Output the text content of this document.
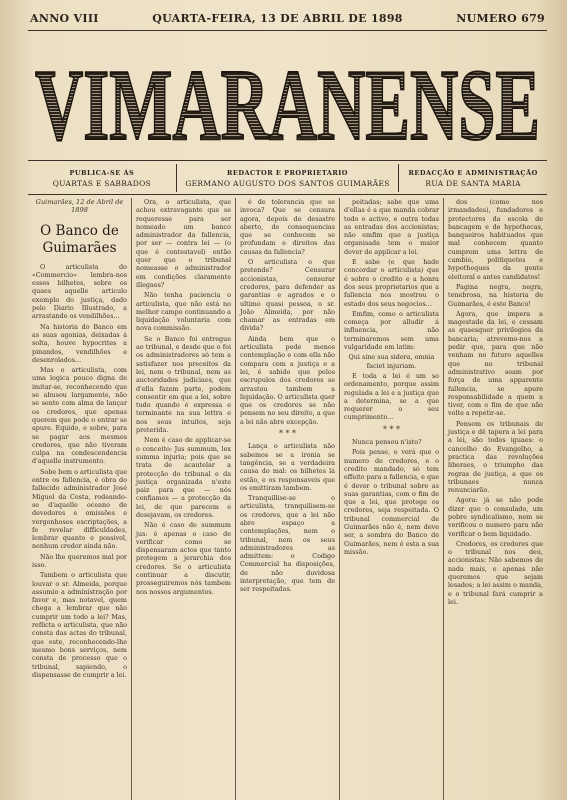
ANNO VIII	QUARTA-FEIRA, 13 DE ABRIL DE 1898	NUMERO 679
VIMARANENSE
PUBLICA-SE ÁS
QUARTAS E SABBADOS
REDACTOR E PROPRIETARIO
GERMANO AUGUSTO DOS SANTOS GUIMARÃES
REDACÇÃO E ADMINISTRAÇÃO
RUA DE SANTA MARIA
Guimarães, 12 de Abril de 1898
O Banco de
Guimarães

O articulista do «Commercio» lembra-nos esses bilhetes, sobre os quaes aquelle articulo exemplo do justiça, dado pelo Diario Illustrado, a arrastando os vendilhões...

Na historia do Banco em as suas agonias, deixadas á solta, houve hypocrites a pinandos, vendilhões e desenrolados...

Mas o articulista, com uma logica pouco digna de imitar-se, reconhecendo que se abusou largamente, não se sente com alma de lançar os credores, que apenas querem que pode o entrar se apure. Equido, e sobre, para se pagar aos mesmos credores, que não tiveram culpa na condescendencia d'aquelle instrumento.

Sobe bem o articulista que entre os fallencia, é obra do fallecido administrador José Miguel da Costa, rodeando-se d'aquelle oceano de devedores e omissões e vergonhosos escriptações, a fe revelar difficuldades, lembrar quanto e possivel, nenhum credor ainda não.

Não lhe queremos mal por isso.

Tambem o articulista que louvar o sr. Almeida, porque assumio a administração por favor e, mas notavel, quem chega a lembrar que não cumprir um todo a lei? Mas, reflicta o articulista, que não consta das actas do tribunal, que este, reconhecendo-lhe mesmo bons serviços, nem consta de processo que o tribunal, sapiendo, o dispensasse de cumprir a lei.

Ora, o articulista, que achou extravagante que se requeresse para ser nomeado um banco administrador da fallencia, por ser — contra lei — (o que é contestavel) então quer que o tribunal nomeasse o administrador em condições claramente illegaes?

Não tenha paciencia o articulista, que não está no melhor campo continuando a liquidação voluntaria com nova commissão.

Se o Banco foi entregue ao tribunal, e desde que o foi os administradores só tem a satisfazer nos preceitos da lei, nem o tribunal, nem as auctoridades judiciaes, que d'ella fazem parte, podem consentir em que a lei, sobre tudo quando é expressa e terminante na sua lettra e nos seus intuitos, seja preterida.

Nem é caso de applicar-se o conceito: Jus summum, lex summa injuria; pois que se trata de acautelar a protecção do tribunal e da justiça organizada n'este paiz para que — nós confiamos — a protecção da lei, de que parecem e desejavam, os credores.

Não é caso de summum jus: é apenas o caso de verificar como se dispensaram actos que tanto protegem a jerarchia dos credores. Se o articulista continuar a discutir, prosseguiremos nós tambem nos nossos argumentos.

é de tolerancia que se invoca? Que se censura agora, depois do desastre aberto, de consequencias que se conhecem se profundam e direitos das causas da fallencia?

O articulista o que pretende? Censurar accionistas, censurar credores, para defender as garantias e agrados e o ultimo quasi pessoa, o sr. João Almeida, por não chamar as entradas em divida?

Ainda bem que o articulista pede menos contemplação e com ella não compara com a justiça e a lei, é sabido que pelos escrupulos dos credores se arrastou tambem a liquidação. O articulista quer que os credores se não pensem no seu direito, a que a lei não abre excepção.

* * *

Lança o articulista não sabemos se a ironia se tangência, se a verdadeira causa do mal: os bilhetes lá estão, e os responsaveis que os emittiram tambem.

Tranquillise-se o articulista, tranquilisem-se os credores, que a lei não abre espaço a contemplações, nem o tribunal, nem os seus administradores as admittem: o Codigo Commercial ha disposições, de não duvidosa interpretação, que tem de ser respeitadas.

peitadas; sabe que uma d'ellas é a que manda cobrar todo o activo, e outra todas as entradas dos accionistas; não emfim que a justiça organisada tem o maior dever de applicar a lei.

E sabe (e que hade concordar o articulista) que é sobre o credito e a honra dos seus proprietarios que a fallencia nos mostrou o estado dos seus negocios...

Emfim, como o articulista começa por alludir á influencia, não terminaremos sem uma vulgaridade em latim:

Qui sine sua sidera, omnia faciet injuriam.

E toda a lei é um so ordenamento, porque assim regulada a lei e a justiça que a determina, se a que requerer o seu cumprimento...

* * *

Nunca pensou n'isto?

Pois pense, e verá que o numero de credores, e o credito mandado, só tem effeito para a fallencia, e que é dever o tribunal sobre as suas garantias, com o fim de que a lei, que protege os credores, seja respeitada. O tribunal commercial de Guimarães não é, nem deve ser, a sombra do Banco de Guimarães, nem é esta a sua missão.

dos (como nos irmandades), fundadores e protectores da escola de bancagem e de hypothecas, banqueiros habituados que mal conhecem quanto cumprem uma lettra de cambio, politiquetes e hypotheques da gente eleitoral e antes candidatos!

Pagina negra, negra, tenebrosa, na historia de Guimarães, é este Banco!

Agora, que impera a magestade da lei, e cessam as quaesquer privilegios da bancaria; atrevemo-nos a pedir que, para que não venham no futuro aquelles que no tribunal administrativo soam por força de uma apparente fallencia, se apure responsabilidade a quem a tiver, com o fim de que não volte a repetir-se.

Pensem os tribunais de justiça e dê tapera a lei para a lei, são todos iguaes: o cancelho do Evangelho, a practica das revoluções liberaes, o triumpho das regras de justiça, a que os tribunaes nunca renunciarão.

Agora: já se não pode dizer que o consulado, um pobre syndicalismo, nem se verificou o numero para não verificar o bem liquidado.

Credores, os credores que o tribunal nos deu, accionistas: Não sabemos de nada mais, e apenas não queremos que sejam lesados; a lei assim o manda, e o tribunal fará cumprir a lei.
